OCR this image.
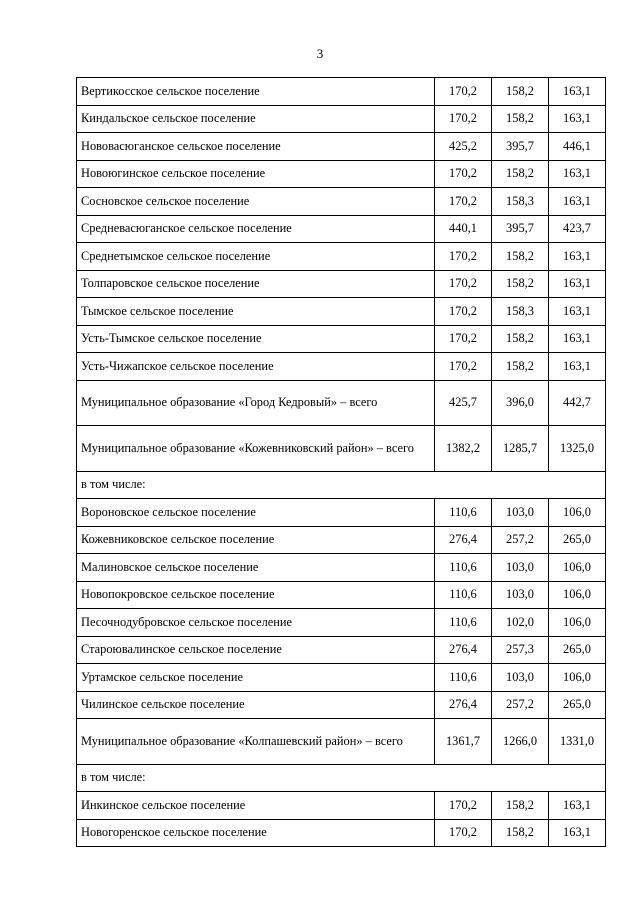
3
Вертикосское сельское поселение	170,2	158,2	163,1
Киндальское сельское поселение	170,2	158,2	163,1
Нововасюганское сельское поселение	425,2	395,7	446,1
Новоюгинское сельское поселение	170,2	158,2	163,1
Сосновское сельское поселение	170,2	158,3	163,1
Средневасюганское сельское поселение	440,1	395,7	423,7
Среднетымское сельское поселение	170,2	158,2	163,1
Толпаровское сельское поселение	170,2	158,2	163,1
Тымское сельское поселение	170,2	158,3	163,1
Усть-Тымское сельское поселение	170,2	158,2	163,1
Усть-Чижапское сельское поселение	170,2	158,2	163,1
Муниципальное образование «Город Кедровый» – всего	425,7	396,0	442,7
Муниципальное образование «Кожевниковский район» – всего	1382,2	1285,7	1325,0
в том числе:			
Вороновское сельское поселение	110,6	103,0	106,0
Кожевниковское сельское поселение	276,4	257,2	265,0
Малиновское сельское поселение	110,6	103,0	106,0
Новопокровское сельское поселение	110,6	103,0	106,0
Песочнодубровское сельское поселение	110,6	102,0	106,0
Староювалинское сельское поселение	276,4	257,3	265,0
Уртамское сельское поселение	110,6	103,0	106,0
Чилинское сельское поселение	276,4	257,2	265,0
Муниципальное образование «Колпашевский район» – всего	1361,7	1266,0	1331,0
в том числе:			
Инкинское сельское поселение	170,2	158,2	163,1
Новогоренское сельское поселение	170,2	158,2	163,1
